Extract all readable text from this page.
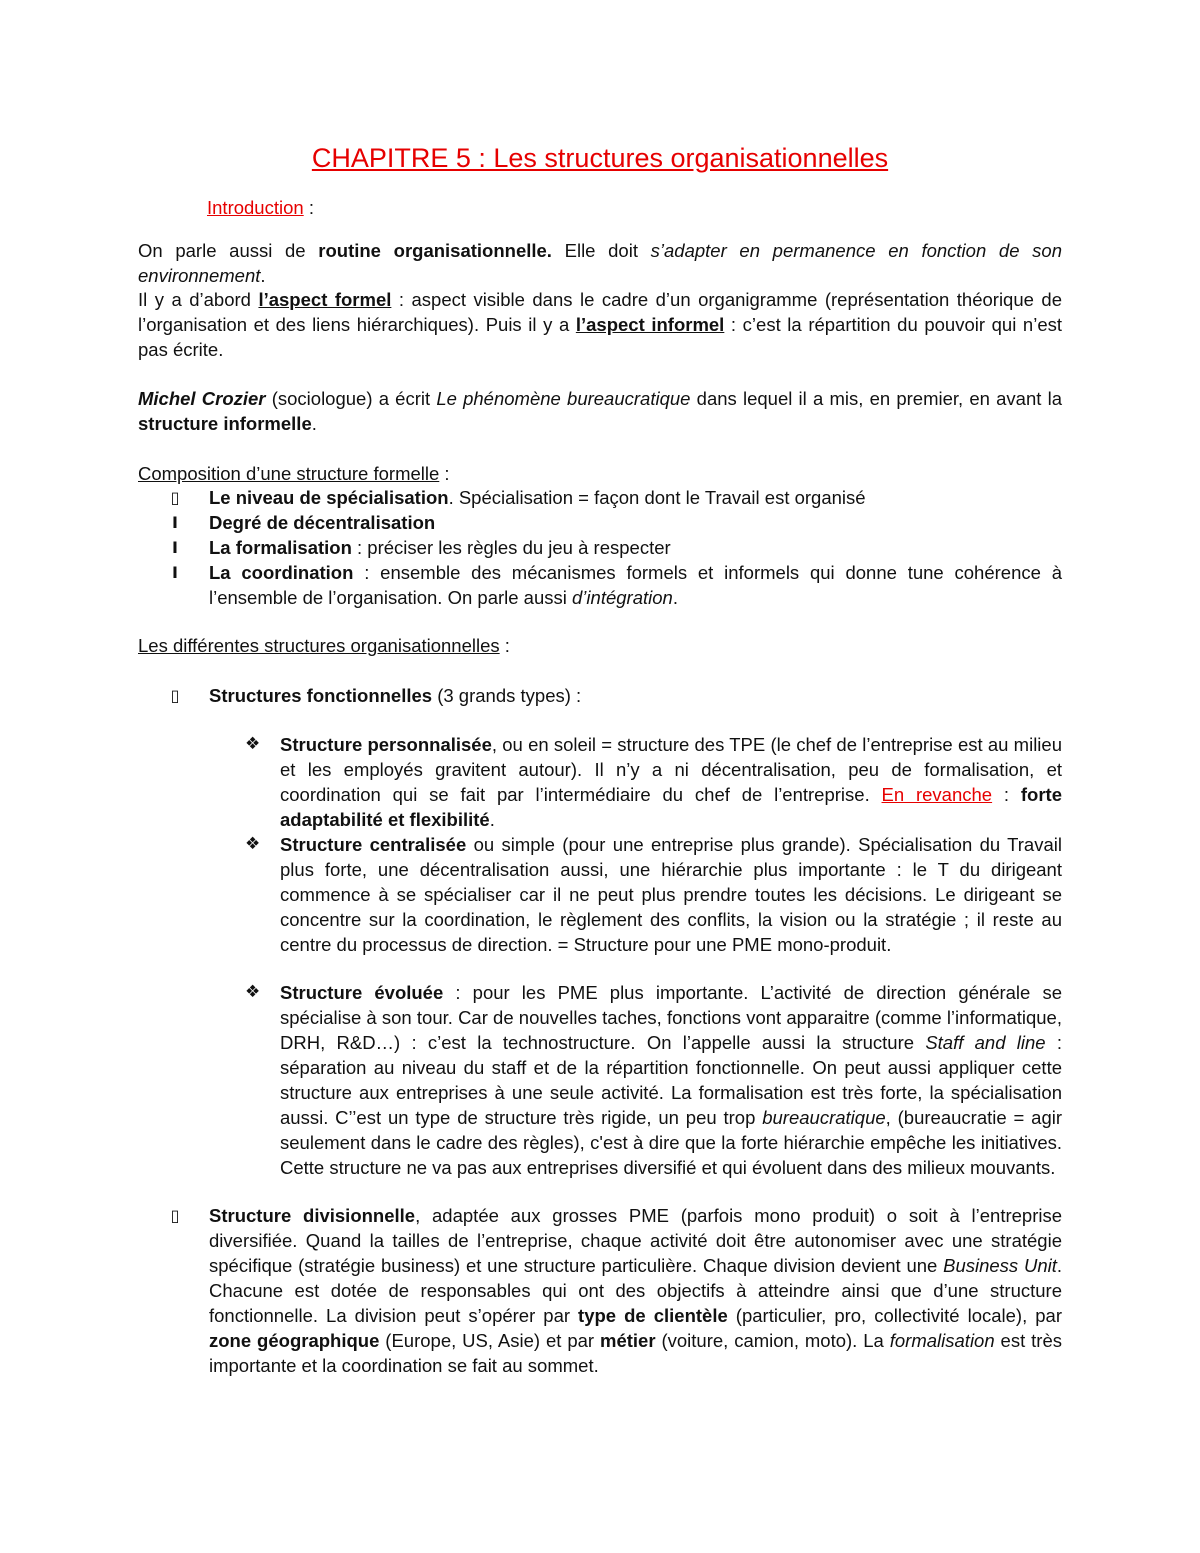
CHAPITRE 5 : Les structures organisationnelles
Introduction :
On parle aussi de routine organisationnelle. Elle doit s’adapter en permanence en fonction de son environnement.
Il y a d’abord l’aspect formel : aspect visible dans le cadre d’un organigramme (représentation théorique de l’organisation et des liens hiérarchiques). Puis il y a l’aspect informel : c’est la répartition du pouvoir qui n’est pas écrite.
Michel Crozier (sociologue) a écrit Le phénomène bureaucratique dans lequel il a mis, en premier, en avant la structure informelle.
Composition d’une structure formelle :
▯ Le niveau de spécialisation. Spécialisation = façon dont le Travail est organisé
I Degré de décentralisation
I La formalisation : préciser les règles du jeu à respecter
I La coordination : ensemble des mécanismes formels et informels qui donne tune cohérence à l’ensemble de l’organisation. On parle aussi d’intégration.
Les différentes structures organisationnelles :
▯ Structures fonctionnelles (3 grands types) :
❖ Structure personnalisée, ou en soleil = structure des TPE (le chef de l’entreprise est au milieu et les employés gravitent autour). Il n’y a ni décentralisation, peu de formalisation, et coordination qui se fait par l’intermédiaire du chef de l’entreprise. En revanche : forte adaptabilité et flexibilité.
❖ Structure centralisée ou simple (pour une entreprise plus grande). Spécialisation du Travail plus forte, une décentralisation aussi, une hiérarchie plus importante : le T du dirigeant commence à se spécialiser car il ne peut plus prendre toutes les décisions. Le dirigeant se concentre sur la coordination, le règlement des conflits, la vision ou la stratégie ; il reste au centre du processus de direction. = Structure pour une PME mono-produit.
❖ Structure évoluée : pour les PME plus importante. L’activité de direction générale se spécialise à son tour. Car de nouvelles taches, fonctions vont apparaitre (comme l’informatique, DRH, R&D…) : c’est la technostructure. On l’appelle aussi la structure Staff and line : séparation au niveau du staff et de la répartition fonctionnelle. On peut aussi appliquer cette structure aux entreprises à une seule activité. La formalisation est très forte, la spécialisation aussi. C’’est un type de structure très rigide, un peu trop bureaucratique, (bureaucratie = agir seulement dans le cadre des règles), c'est à dire que la forte hiérarchie empêche les initiatives. Cette structure ne va pas aux entreprises diversifié et qui évoluent dans des milieux mouvants.
▯ Structure divisionnelle, adaptée aux grosses PME (parfois mono produit) o soit à l’entreprise diversifiée. Quand la tailles de l’entreprise, chaque activité doit être autonomiser avec une stratégie spécifique (stratégie business) et une structure particulière. Chaque division devient une Business Unit. Chacune est dotée de responsables qui ont des objectifs à atteindre ainsi que d’une structure fonctionnelle. La division peut s’opérer par type de clientèle (particulier, pro, collectivité locale), par zone géographique (Europe, US, Asie) et par métier (voiture, camion, moto). La formalisation est très importante et la coordination se fait au sommet.
